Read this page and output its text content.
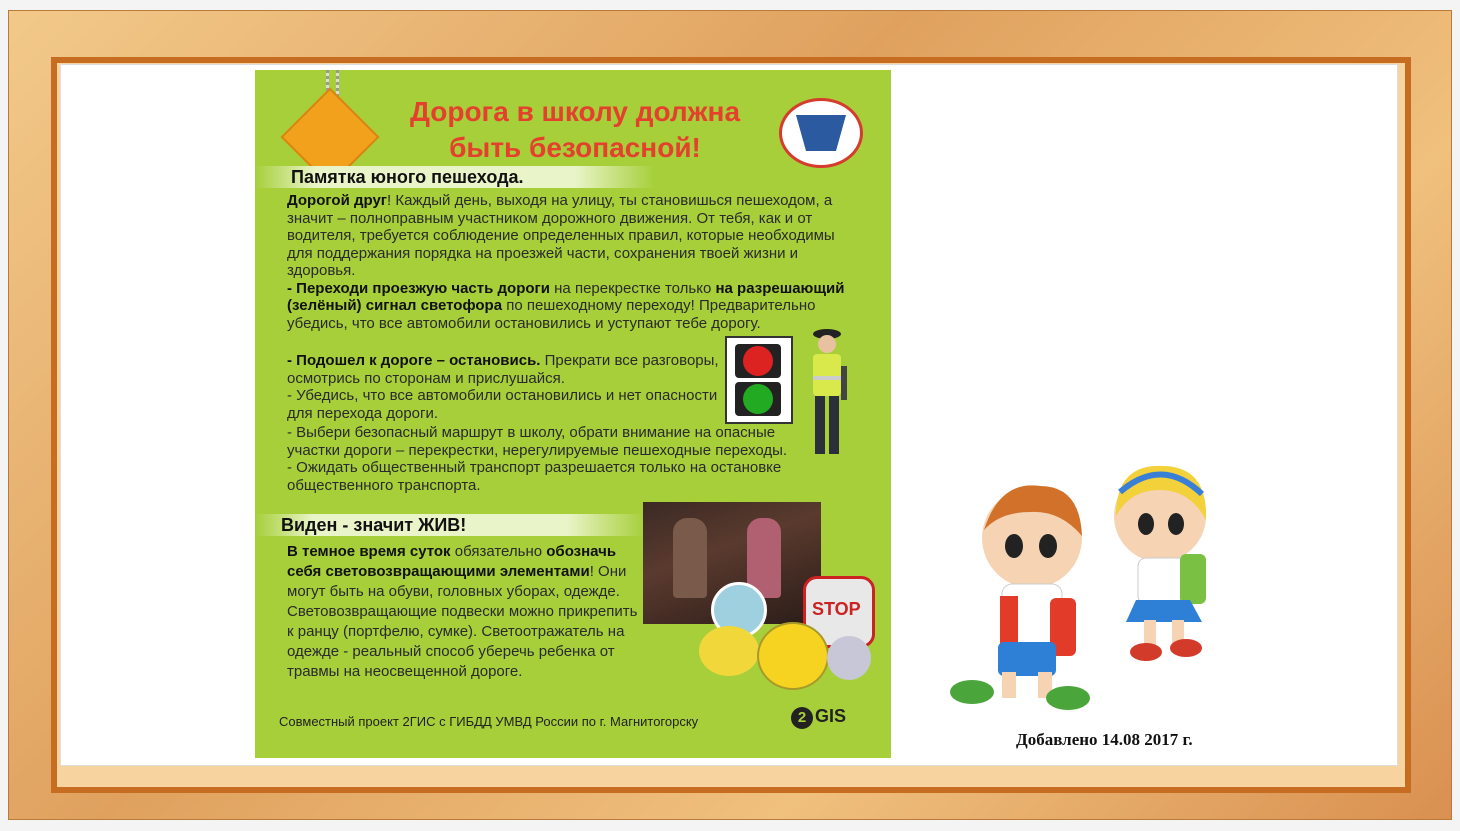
Дорога в школу должна
быть безопасной!
Памятка юного пешехода.
Дорогой друг! Каждый день, выходя на улицу, ты становишься пешеходом, а значит – полноправным участником дорожного движения. От тебя, как и от водителя, требуется соблюдение определенных правил, которые необходимы для поддержания порядка на проезжей части, сохранения твоей жизни и здоровья.
- Переходи проезжую часть дороги на перекрестке только на разрешающий (зелёный) сигнал светофора по пешеходному переходу! Предварительно убедись, что все автомобили остановились и уступают тебе дорогу.
- Подошел к дороге – остановись. Прекрати все разговоры, осмотрись по сторонам и прислушайся.
- Убедись, что все автомобили остановились и нет опасности для перехода дороги.
- Выбери безопасный маршрут в школу, обрати внимание на опасные участки дороги – перекрестки, нерегулируемые пешеходные переходы.
- Ожидать общественный транспорт разрешается только на остановке общественного транспорта.
Виден - значит ЖИВ!
В темное время суток обязательно обозначь себя световозвращающими элементами! Они могут быть на обуви, головных уборах, одежде. Световозвращающие подвески можно прикрепить к ранцу (портфелю, сумке). Светоотражатель на одежде - реальный способ уберечь ребенка от травмы на неосвещенной дороге.
STOP
Совместный проект 2ГИС с ГИБДД УМВД России по г. Магнитогорску	2 GIS
Добавлено 14.08 2017 г.
